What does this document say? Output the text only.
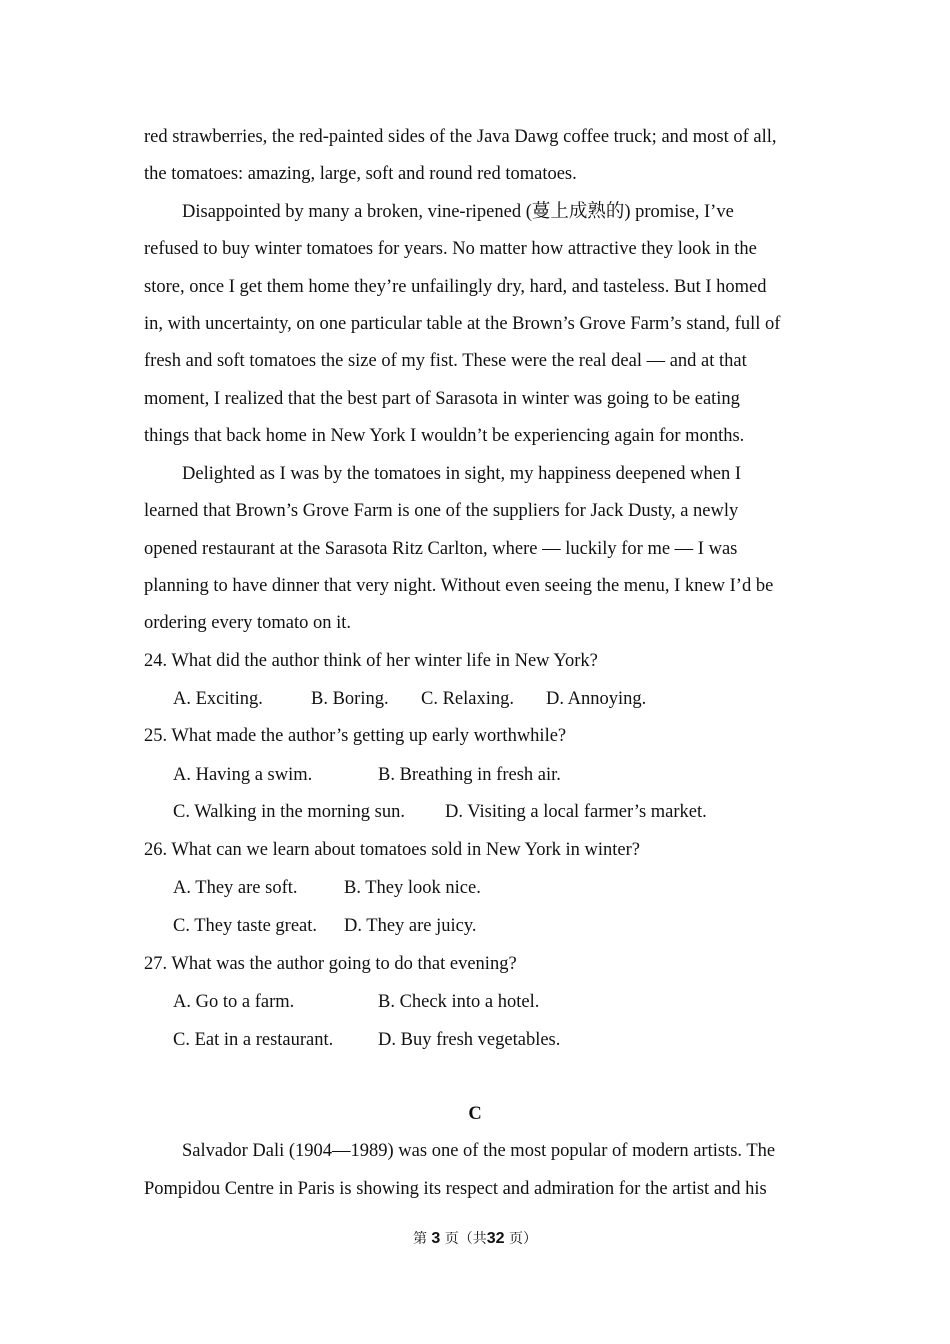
red strawberries, the red-painted sides of the Java Dawg coffee truck; and most of all,
the tomatoes: amazing, large, soft and round red tomatoes.
Disappointed by many a broken, vine-ripened (蔓上成熟的) promise, I’ve
refused to buy winter tomatoes for years. No matter how attractive they look in the
store, once I get them home they’re unfailingly dry, hard, and tasteless. But I homed
in, with uncertainty, on one particular table at the Brown’s Grove Farm’s stand, full of
fresh and soft tomatoes the size of my fist. These were the real deal — and at that
moment, I realized that the best part of Sarasota in winter was going to be eating
things that back home in New York I wouldn’t be experiencing again for months.
Delighted as I was by the tomatoes in sight, my happiness deepened when I
learned that Brown’s Grove Farm is one of the suppliers for Jack Dusty, a newly
opened restaurant at the Sarasota Ritz Carlton, where — luckily for me — I was
planning to have dinner that very night. Without even seeing the menu, I knew I’d be
ordering every tomato on it.
24. What did the author think of her winter life in New York?
A. Exciting.	B. Boring. C. Relaxing. D. Annoying.
25. What made the author’s getting up early worthwhile?
A. Having a swim.	B. Breathing in fresh air.
C. Walking in the morning sun. D. Visiting a local farmer’s market.
26. What can we learn about tomatoes sold in New York in winter?
A. They are soft.	B. They look nice.
C. They taste great. D. They are juicy.
27. What was the author going to do that evening?
A. Go to a farm.	B. Check into a hotel.
C. Eat in a restaurant. D. Buy fresh vegetables.
C
Salvador Dali (1904—1989) was one of the most popular of modern artists. The
Pompidou Centre in Paris is showing its respect and admiration for the artist and his
第 3 页（共32 页）
